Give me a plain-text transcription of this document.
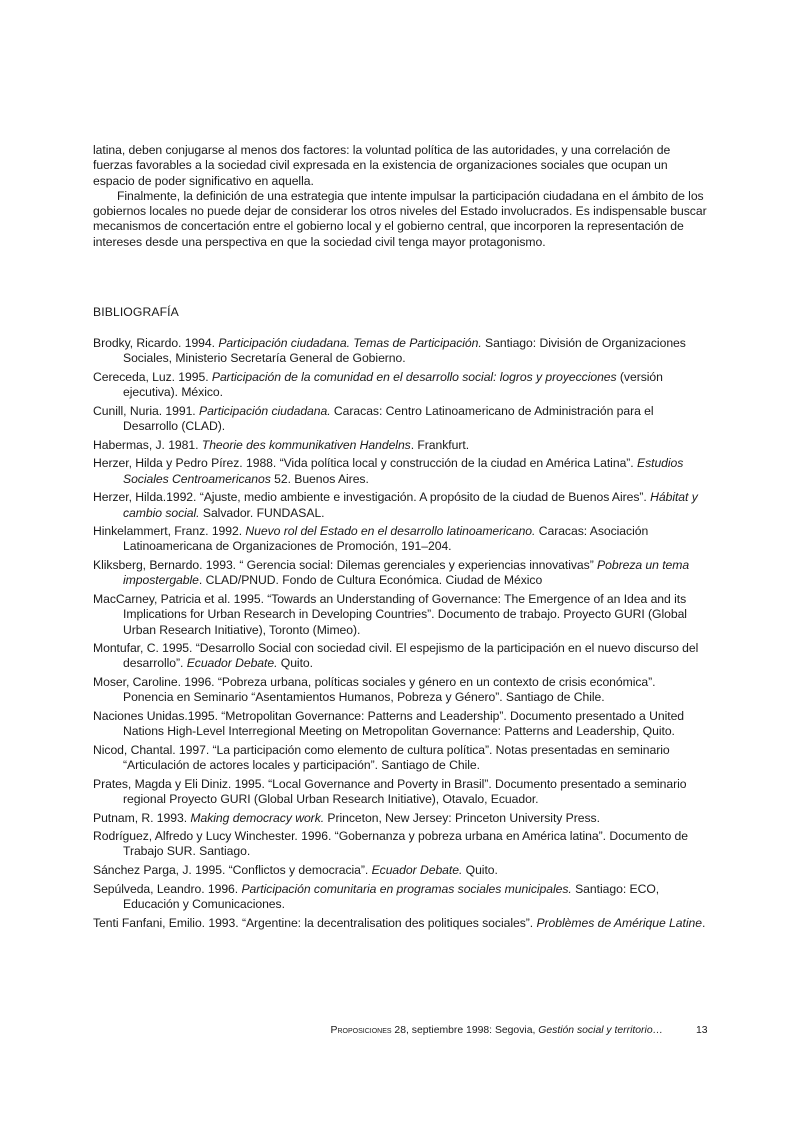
latina, deben conjugarse al menos dos factores: la voluntad política de las autoridades, y una correlación de fuerzas favorables a la sociedad civil expresada en la existencia de organizaciones sociales que ocupan un espacio de poder significativo en aquella.

Finalmente, la definición de una estrategia que intente impulsar la participación ciudadana en el ámbito de los gobiernos locales no puede dejar de considerar los otros niveles del Estado involucrados. Es indispensable buscar mecanismos de concertación entre el gobierno local y el gobierno central, que incorporen la representación de intereses desde una perspectiva en que la sociedad civil tenga mayor protagonismo.

BIBLIOGRAFÍA
Brodky, Ricardo. 1994. Participación ciudadana. Temas de Participación. Santiago: División de Organizaciones Sociales, Ministerio Secretaría General de Gobierno.
Cereceda, Luz. 1995. Participación de la comunidad en el desarrollo social: logros y proyecciones (versión ejecutiva). México.
Cunill, Nuria. 1991. Participación ciudadana. Caracas: Centro Latinoamericano de Administración para el Desarrollo (CLAD).
Habermas, J. 1981. Theorie des kommunikativen Handelns. Frankfurt.
Herzer, Hilda y Pedro Pírez. 1988. “Vida política local y construcción de la ciudad en América Latina”. Estudios Sociales Centroamericanos 52. Buenos Aires.
Herzer, Hilda.1992. “Ajuste, medio ambiente e investigación. A propósito de la ciudad de Buenos Aires”. Hábitat y cambio social. Salvador. FUNDASAL.
Hinkelammert, Franz. 1992. Nuevo rol del Estado en el desarrollo latinoamericano. Caracas: Asociación Latinoamericana de Organizaciones de Promoción, 191–204.
Kliksberg, Bernardo. 1993. “ Gerencia social: Dilemas gerenciales y experiencias innovativas” Pobreza un tema impostergable. CLAD/PNUD. Fondo de Cultura Económica. Ciudad de México
MacCarney, Patricia et al. 1995. “Towards an Understanding of Governance: The Emergence of an Idea and its Implications for Urban Research in Developing Countries”. Documento de trabajo. Proyecto GURI (Global Urban Research Initiative), Toronto (Mimeo).
Montufar, C. 1995. “Desarrollo Social con sociedad civil. El espejismo de la participación en el nuevo discurso del desarrollo”. Ecuador Debate. Quito.
Moser, Caroline. 1996. “Pobreza urbana, políticas sociales y género en un contexto de crisis económica”. Ponencia en Seminario “Asentamientos Humanos, Pobreza y Género”. Santiago de Chile.
Naciones Unidas.1995. “Metropolitan Governance: Patterns and Leadership”. Documento presentado a United Nations High-Level Interregional Meeting on Metropolitan Governance: Patterns and Leadership, Quito.
Nicod, Chantal. 1997. “La participación como elemento de cultura política”. Notas presentadas en seminario “Articulación de actores locales y participación”. Santiago de Chile.
Prates, Magda y Eli Diniz. 1995. “Local Governance and Poverty in Brasil”. Documento presentado a seminario regional Proyecto GURI (Global Urban Research Initiative), Otavalo, Ecuador.
Putnam, R. 1993. Making democracy work. Princeton, New Jersey: Princeton University Press.
Rodríguez, Alfredo y Lucy Winchester. 1996. “Gobernanza y pobreza urbana en América latina”. Documento de Trabajo SUR. Santiago.
Sánchez Parga, J. 1995. “Conflictos y democracia”. Ecuador Debate. Quito.
Sepúlveda, Leandro. 1996. Participación comunitaria en programas sociales municipales. Santiago: ECO, Educación y Comunicaciones.
Tenti Fanfani, Emilio. 1993. “Argentine: la decentralisation des politiques sociales”. Problèmes de Amérique Latine.
Proposiciones 28, septiembre 1998: Segovia, Gestión social y territorio…	13
